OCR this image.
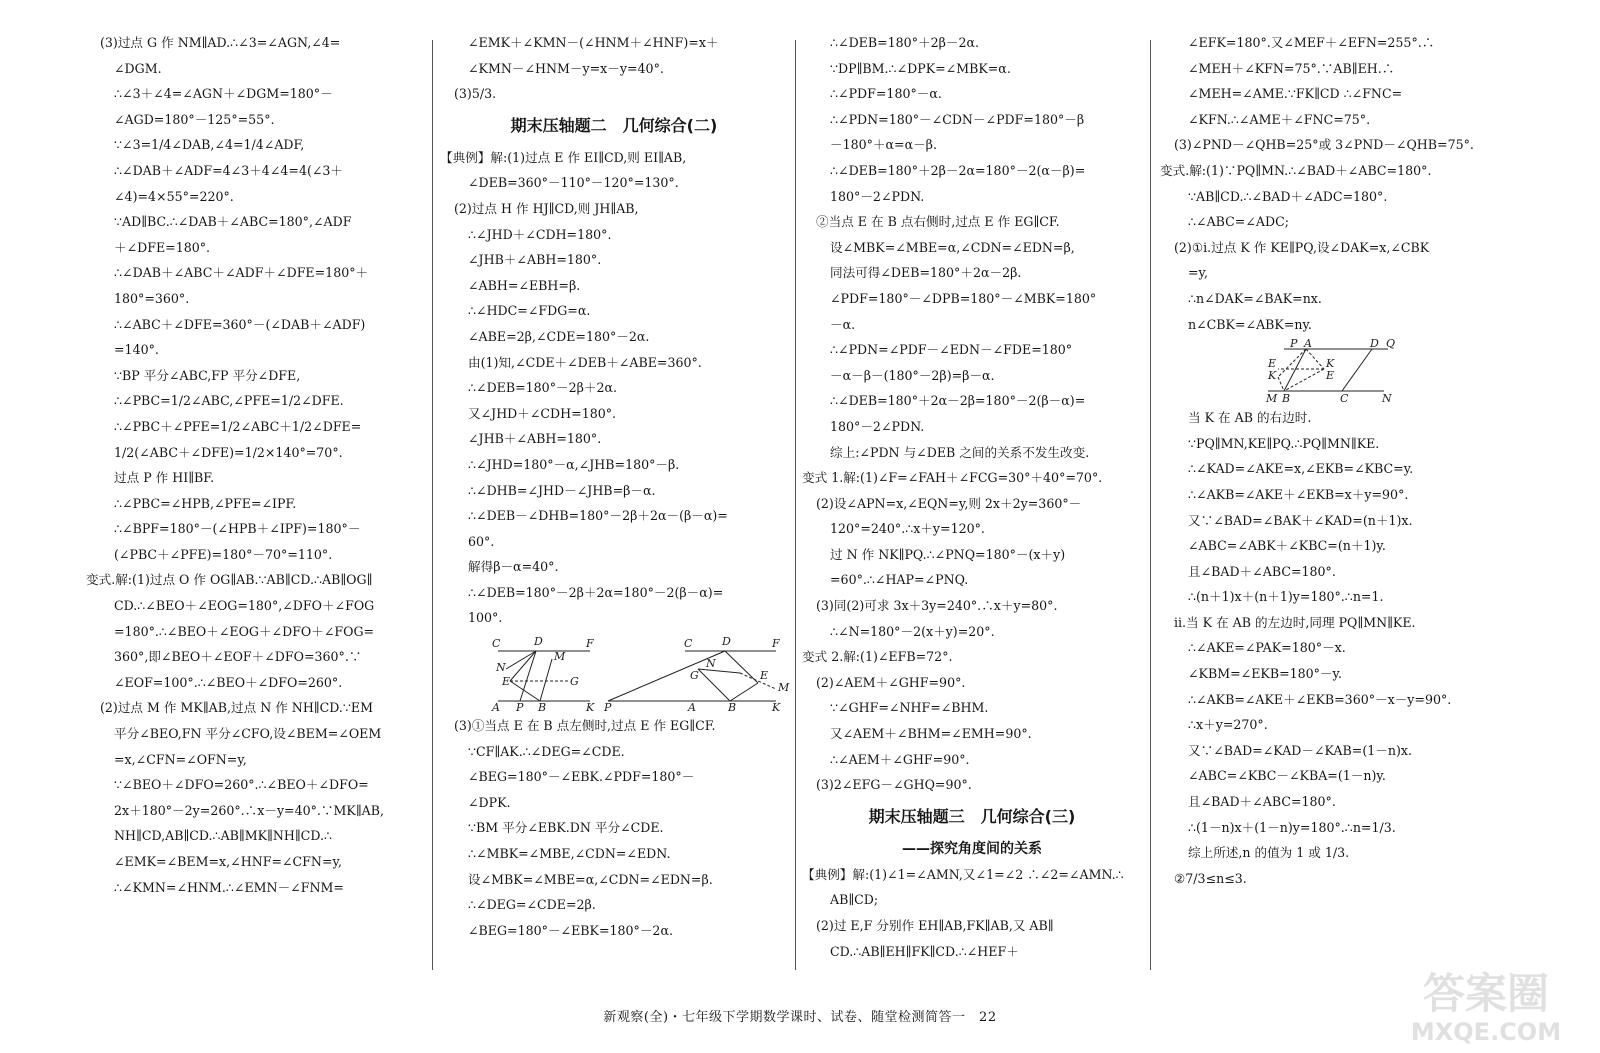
(3)过点 G 作 NM∥AD.∴∠3=∠AGN,∠4=
∠DGM.
∴∠3＋∠4=∠AGN＋∠DGM=180°－
∠AGD=180°－125°=55°.
∵∠3=1/4∠DAB,∠4=1/4∠ADF,
∴∠DAB＋∠ADF=4∠3＋4∠4=4(∠3＋
∠4)=4×55°=220°.
∵AD∥BC.∴∠DAB＋∠ABC=180°,∠ADF
＋∠DFE=180°.
∴∠DAB＋∠ABC＋∠ADF＋∠DFE=180°＋
180°=360°.
∴∠ABC＋∠DFE=360°－(∠DAB＋∠ADF)
=140°.
∵BP 平分∠ABC,FP 平分∠DFE,
∴∠PBC=1/2∠ABC,∠PFE=1/2∠DFE.
∴∠PBC＋∠PFE=1/2∠ABC＋1/2∠DFE=
1/2(∠ABC＋∠DFE)=1/2×140°=70°.
过点 P 作 HI∥BF.
∴∠PBC=∠HPB,∠PFE=∠IPF.
∴∠BPF=180°－(∠HPB＋∠IPF)=180°－
(∠PBC＋∠PFE)=180°－70°=110°.
变式.解:(1)过点 O 作 OG∥AB.∵AB∥CD.∴AB∥OG∥
CD.∴∠BEO＋∠EOG=180°,∠DFO＋∠FOG
=180°.∴∠BEO＋∠EOG＋∠DFO＋∠FOG=
360°,即∠BEO＋∠EOF＋∠DFO=360°.∵
∠EOF=100°.∴∠BEO＋∠DFO=260°.
(2)过点 M 作 MK∥AB,过点 N 作 NH∥CD.∵EM
平分∠BEO,FN 平分∠CFO,设∠BEM=∠OEM
=x,∠CFN=∠OFN=y,
∵∠BEO＋∠DFO=260°.∴∠BEO＋∠DFO=
2x＋180°－2y=260°.∴x－y=40°.∵MK∥AB,
NH∥CD,AB∥CD.∴AB∥MK∥NH∥CD.∴
∠EMK=∠BEM=x,∠HNF=∠CFN=y,
∴∠KMN=∠HNM.∴∠EMN－∠FNM=
∠EMK＋∠KMN－(∠HNM＋∠HNF)=x＋
∠KMN－∠HNM－y=x－y=40°.
(3)5/3.
期末压轴题二　几何综合(二)
【典例】解:(1)过点 E 作 EI∥CD,则 EI∥AB,
∠DEB=360°－110°－120°=130°.
(2)过点 H 作 HJ∥CD,则 JH∥AB,
∴∠JHD＋∠CDH=180°.
∠JHB＋∠ABH=180°.
∠ABH=∠EBH=β.
∴∠HDC=∠FDG=α.
∠ABE=2β,∠CDE=180°－2α.
由(1)知,∠CDE＋∠DEB＋∠ABE=360°.
∴∠DEB=180°－2β＋2α.
又∠JHD＋∠CDH=180°.
∠JHB＋∠ABH=180°.
∴∠JHD=180°－α,∠JHB=180°－β.
∴∠DHB=∠JHD－∠JHB=β－α.
∴∠DEB－∠DHB=180°－2β＋2α－(β－α)=
60°.
解得β－α=40°.
∴∠DEB=180°－2β＋2α=180°－2(β－α)=
100°.
C	D	F
M
N
E	G
A P B	K
C	D	F
G
N
E
M
P	A	B	K
(3)①当点 E 在 B 点左侧时,过点 E 作 EG∥CF.
∵CF∥AK.∴∠DEG=∠CDE.
∠BEG=180°－∠EBK.∠PDF=180°－
∠DPK.
∵BM 平分∠EBK.DN 平分∠CDE.
∴∠MBK=∠MBE,∠CDN=∠EDN.
设∠MBK=∠MBE=α,∠CDN=∠EDN=β.
∴∠DEG=∠CDE=2β.
∠BEG=180°－∠EBK=180°－2α.
∴∠DEB=180°＋2β－2α.
∵DP∥BM.∴∠DPK=∠MBK=α.
∴∠PDF=180°－α.
∴∠PDN=180°－∠CDN－∠PDF=180°－β
－180°＋α=α－β.
∴∠DEB=180°＋2β－2α=180°－2(α－β)=
180°－2∠PDN.
②当点 E 在 B 点右侧时,过点 E 作 EG∥CF.
设∠MBK=∠MBE=α,∠CDN=∠EDN=β,
同法可得∠DEB=180°＋2α－2β.
∠PDF=180°－∠DPB=180°－∠MBK=180°
－α.
∴∠PDN=∠PDF－∠EDN－∠FDE=180°
－α－β－(180°－2β)=β－α.
∴∠DEB=180°＋2α－2β=180°－2(β－α)=
180°－2∠PDN.
综上:∠PDN 与∠DEB 之间的关系不发生改变.
变式 1.解:(1)∠F=∠FAH＋∠FCG=30°＋40°=70°.
(2)设∠APN=x,∠EQN=y,则 2x＋2y=360°－
120°=240°.∴x＋y=120°.
过 N 作 NK∥PQ.∴∠PNQ=180°－(x＋y)
=60°.∴∠HAP=∠PNQ.
(3)同(2)可求 3x＋3y=240°.∴x＋y=80°.
∴∠N=180°－2(x＋y)=20°.
变式 2.解:(1)∠EFB=72°.
(2)∠AEM＋∠GHF=90°.
∵∠GHF=∠NHF=∠BHM.
又∠AEM＋∠BHM=∠EMH=90°.
∴∠AEM＋∠GHF=90°.
(3)2∠EFG－∠GHQ=90°.
期末压轴题三　几何综合(三)
——探究角度间的关系
【典例】解:(1)∠1=∠AMN,又∠1=∠2 ∴∠2=∠AMN.∴
AB∥CD;
(2)过 E,F 分别作 EH∥AB,FK∥AB,又 AB∥
CD.∴AB∥EH∥FK∥CD.∴∠HEF＋
∠EFK=180°.又∠MEF＋∠EFN=255°.∴
∠MEH＋∠KFN=75°.∵AB∥EH.∴
∠MEH=∠AME.∵FK∥CD ∴∠FNC=
∠KFN.∴∠AME＋∠FNC=75°.
(3)∠PND－∠QHB=25°或 3∠PND－∠QHB=75°.
变式.解:(1)∵PQ∥MN.∴∠BAD＋∠ABC=180°.
∵AB∥CD.∴∠BAD＋∠ADC=180°.
∴∠ABC=∠ADC;
(2)①ⅰ.过点 K 作 KE∥PQ,设∠DAK=x,∠CBK
=y,
∴n∠DAK=∠BAK=nx.
n∠CBK=∠ABK=ny.
P A	D Q
E	K
K	E
M B	C	N
当 K 在 AB 的右边时.
∵PQ∥MN,KE∥PQ.∴PQ∥MN∥KE.
∴∠KAD=∠AKE=x,∠EKB=∠KBC=y.
∴∠AKB=∠AKE＋∠EKB=x＋y=90°.
又∵∠BAD=∠BAK＋∠KAD=(n＋1)x.
∠ABC=∠ABK＋∠KBC=(n＋1)y.
且∠BAD＋∠ABC=180°.
∴(n＋1)x＋(n＋1)y=180°.∴n=1.
ⅱ.当 K 在 AB 的左边时,同理 PQ∥MN∥KE.
∴∠AKE=∠PAK=180°－x.
∠KBM=∠EKB=180°－y.
∴∠AKB=∠AKE＋∠EKB=360°－x－y=90°.
∴x＋y=270°.
又∵∠BAD=∠KAD－∠KAB=(1－n)x.
∠ABC=∠KBC－∠KBA=(1－n)y.
且∠BAD＋∠ABC=180°.
∴(1－n)x＋(1－n)y=180°.∴n=1/3.
综上所述,n 的值为 1 或 1/3.
②7/3≤n≤3.
新观察(全)・七年级下学期数学课时、试卷、随堂检测简答一　22	答案圈
MXQE.COM
